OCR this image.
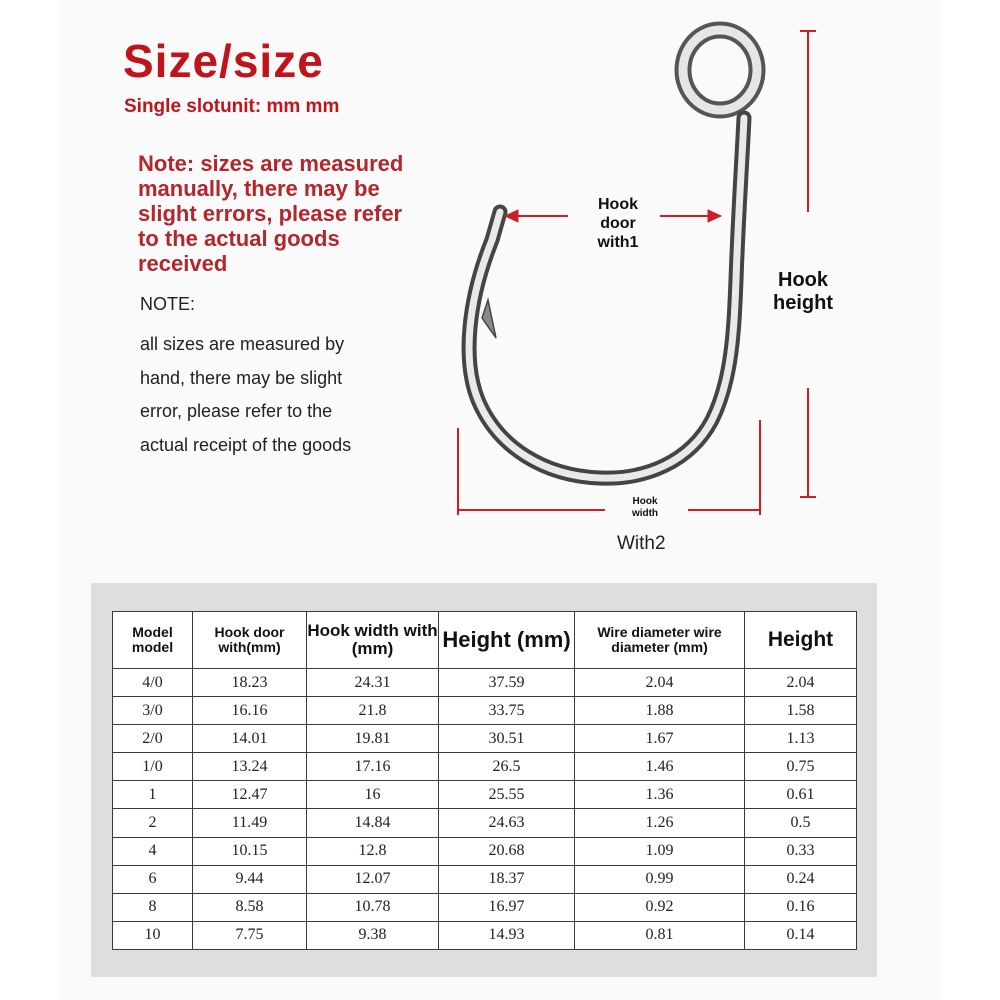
Size/size
Single slotunit: mm mm
Note: sizes are measured
manually, there may be
slight errors, please refer
to the actual goods
received
NOTE:
all sizes are measured by
hand, there may be slight
error, please refer to the
actual receipt of the goods
Hook door with1
Hook height
Hook width
With2
Model model	Hook door with(mm)	Hook width with (mm)	Height (mm)	Wire diameter wire diameter (mm)	Height
4/0	18.23	24.31	37.59	2.04	2.04
3/0	16.16	21.8	33.75	1.88	1.58
2/0	14.01	19.81	30.51	1.67	1.13
1/0	13.24	17.16	26.5	1.46	0.75
1	12.47	16	25.55	1.36	0.61
2	11.49	14.84	24.63	1.26	0.5
4	10.15	12.8	20.68	1.09	0.33
6	9.44	12.07	18.37	0.99	0.24
8	8.58	10.78	16.97	0.92	0.16
10	7.75	9.38	14.93	0.81	0.14
